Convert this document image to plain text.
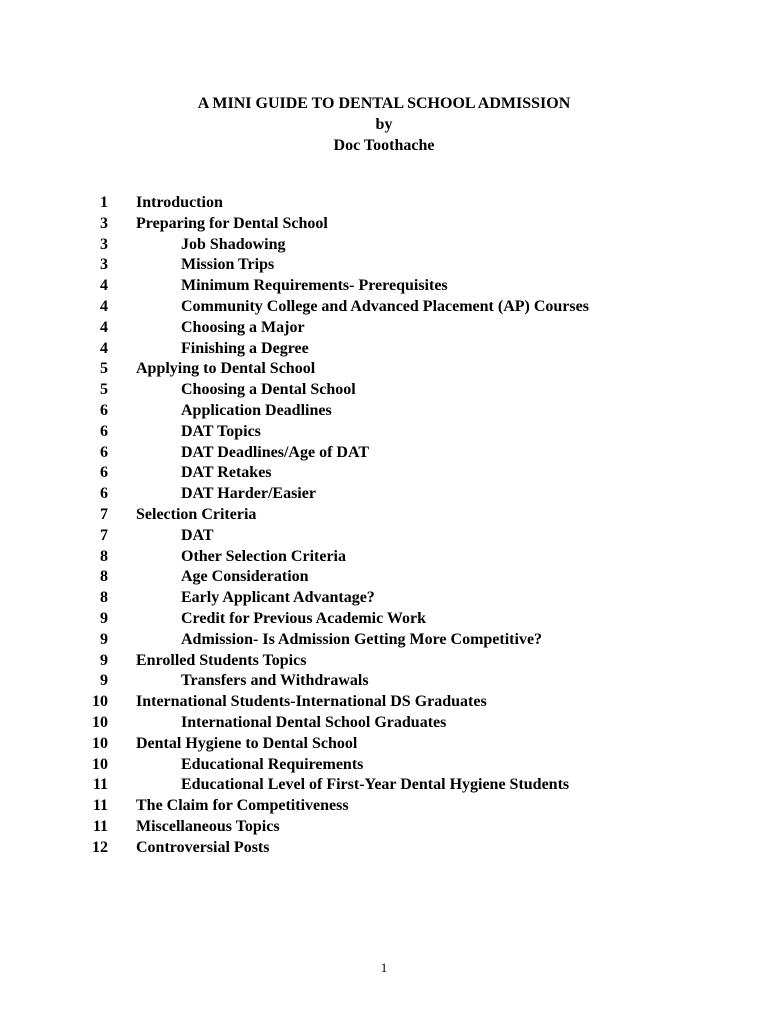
A MINI GUIDE TO DENTAL SCHOOL ADMISSION
by
Doc Toothache
1 Introduction
3 Preparing for Dental School
3	Job Shadowing
3	Mission Trips
4	Minimum Requirements- Prerequisites
4	Community College and Advanced Placement (AP) Courses
4	Choosing a Major
4	Finishing a Degree
5 Applying to Dental School
5	Choosing a Dental School
6	Application Deadlines
6	DAT Topics
6	DAT Deadlines/Age of DAT
6	DAT Retakes
6	DAT Harder/Easier
7 Selection Criteria
7	DAT
8	Other Selection Criteria
8	Age Consideration
8	Early Applicant Advantage?
9	Credit for Previous Academic Work
9	Admission- Is Admission Getting More Competitive?
9 Enrolled Students Topics
9	Transfers and Withdrawals
10 International Students-International DS Graduates
10	International Dental School Graduates
10 Dental Hygiene to Dental School
10	Educational Requirements
11	Educational Level of First-Year Dental Hygiene Students
11 The Claim for Competitiveness
11 Miscellaneous Topics
12 Controversial Posts
1
